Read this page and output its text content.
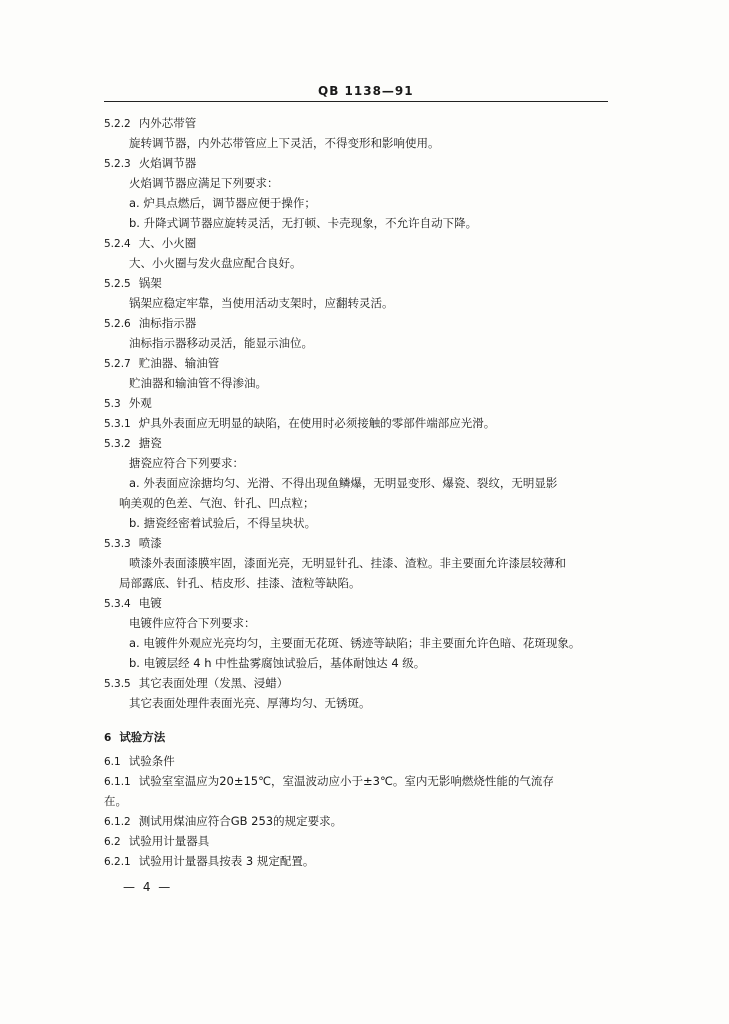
QB 1138—91
5.2.2 内外芯带管
旋转调节器，内外芯带管应上下灵活，不得变形和影响使用。
5.2.3 火焰调节器
火焰调节器应满足下列要求：
a. 炉具点燃后，调节器应便于操作；
b. 升降式调节器应旋转灵活，无打顿、卡壳现象，不允许自动下降。
5.2.4 大、小火圈
大、小火圈与发火盘应配合良好。
5.2.5 锅架
锅架应稳定牢靠，当使用活动支架时，应翻转灵活。
5.2.6 油标指示器
油标指示器移动灵活，能显示油位。
5.2.7 贮油器、输油管
贮油器和输油管不得渗油。
5.3 外观
5.3.1 炉具外表面应无明显的缺陷，在使用时必须接触的零部件端部应光滑。
5.3.2 搪瓷
搪瓷应符合下列要求：
a. 外表面应涂搪均匀、光滑、不得出现鱼鳞爆，无明显变形、爆瓷、裂纹，无明显影
响美观的色差、气泡、针孔、凹点粒；
b. 搪瓷经密着试验后，不得呈块状。
5.3.3 喷漆
喷漆外表面漆膜牢固，漆面光亮，无明显针孔、挂漆、渣粒。非主要面允许漆层较薄和
局部露底、针孔、桔皮形、挂漆、渣粒等缺陷。
5.3.4 电镀
电镀件应符合下列要求：
a. 电镀件外观应光亮均匀，主要面无花斑、锈迹等缺陷；非主要面允许色暗、花斑现象。
b. 电镀层经 4 h 中性盐雾腐蚀试验后，基体耐蚀达 4 级。
5.3.5 其它表面处理（发黑、浸蜡）
其它表面处理件表面光亮、厚薄均匀、无锈斑。
6 试验方法
6.1 试验条件
6.1.1 试验室室温应为20±15℃，室温波动应小于±3℃。室内无影响燃烧性能的气流存
在。
6.1.2 测试用煤油应符合GB 253的规定要求。
6.2 试验用计量器具
6.2.1 试验用计量器具按表 3 规定配置。
— 4 —
